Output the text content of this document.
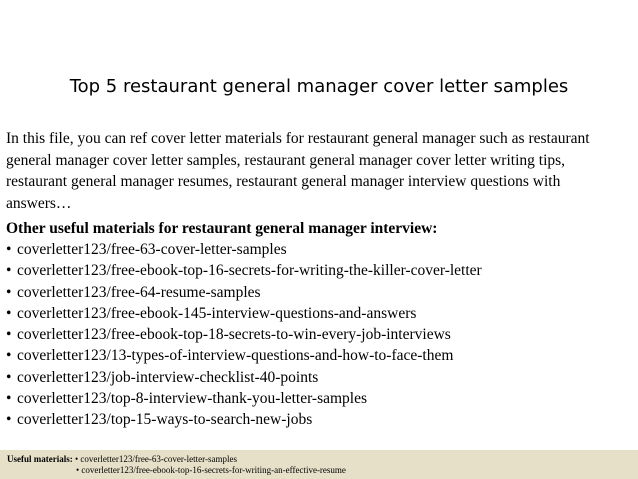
Top 5 restaurant general manager cover letter samples
In this file, you can ref cover letter materials for restaurant general manager such as restaurant
general manager cover letter samples, restaurant general manager cover letter writing tips,
restaurant general manager resumes, restaurant general manager interview questions with
answers…
Other useful materials for restaurant general manager interview:
• coverletter123/free-63-cover-letter-samples
• coverletter123/free-ebook-top-16-secrets-for-writing-the-killer-cover-letter
• coverletter123/free-64-resume-samples
• coverletter123/free-ebook-145-interview-questions-and-answers
• coverletter123/free-ebook-top-18-secrets-to-win-every-job-interviews
• coverletter123/13-types-of-interview-questions-and-how-to-face-them
• coverletter123/job-interview-checklist-40-points
• coverletter123/top-8-interview-thank-you-letter-samples
• coverletter123/top-15-ways-to-search-new-jobs
Useful materials: • coverletter123/free-63-cover-letter-samples
• coverletter123/free-ebook-top-16-secrets-for-writing-an-effective-resume
